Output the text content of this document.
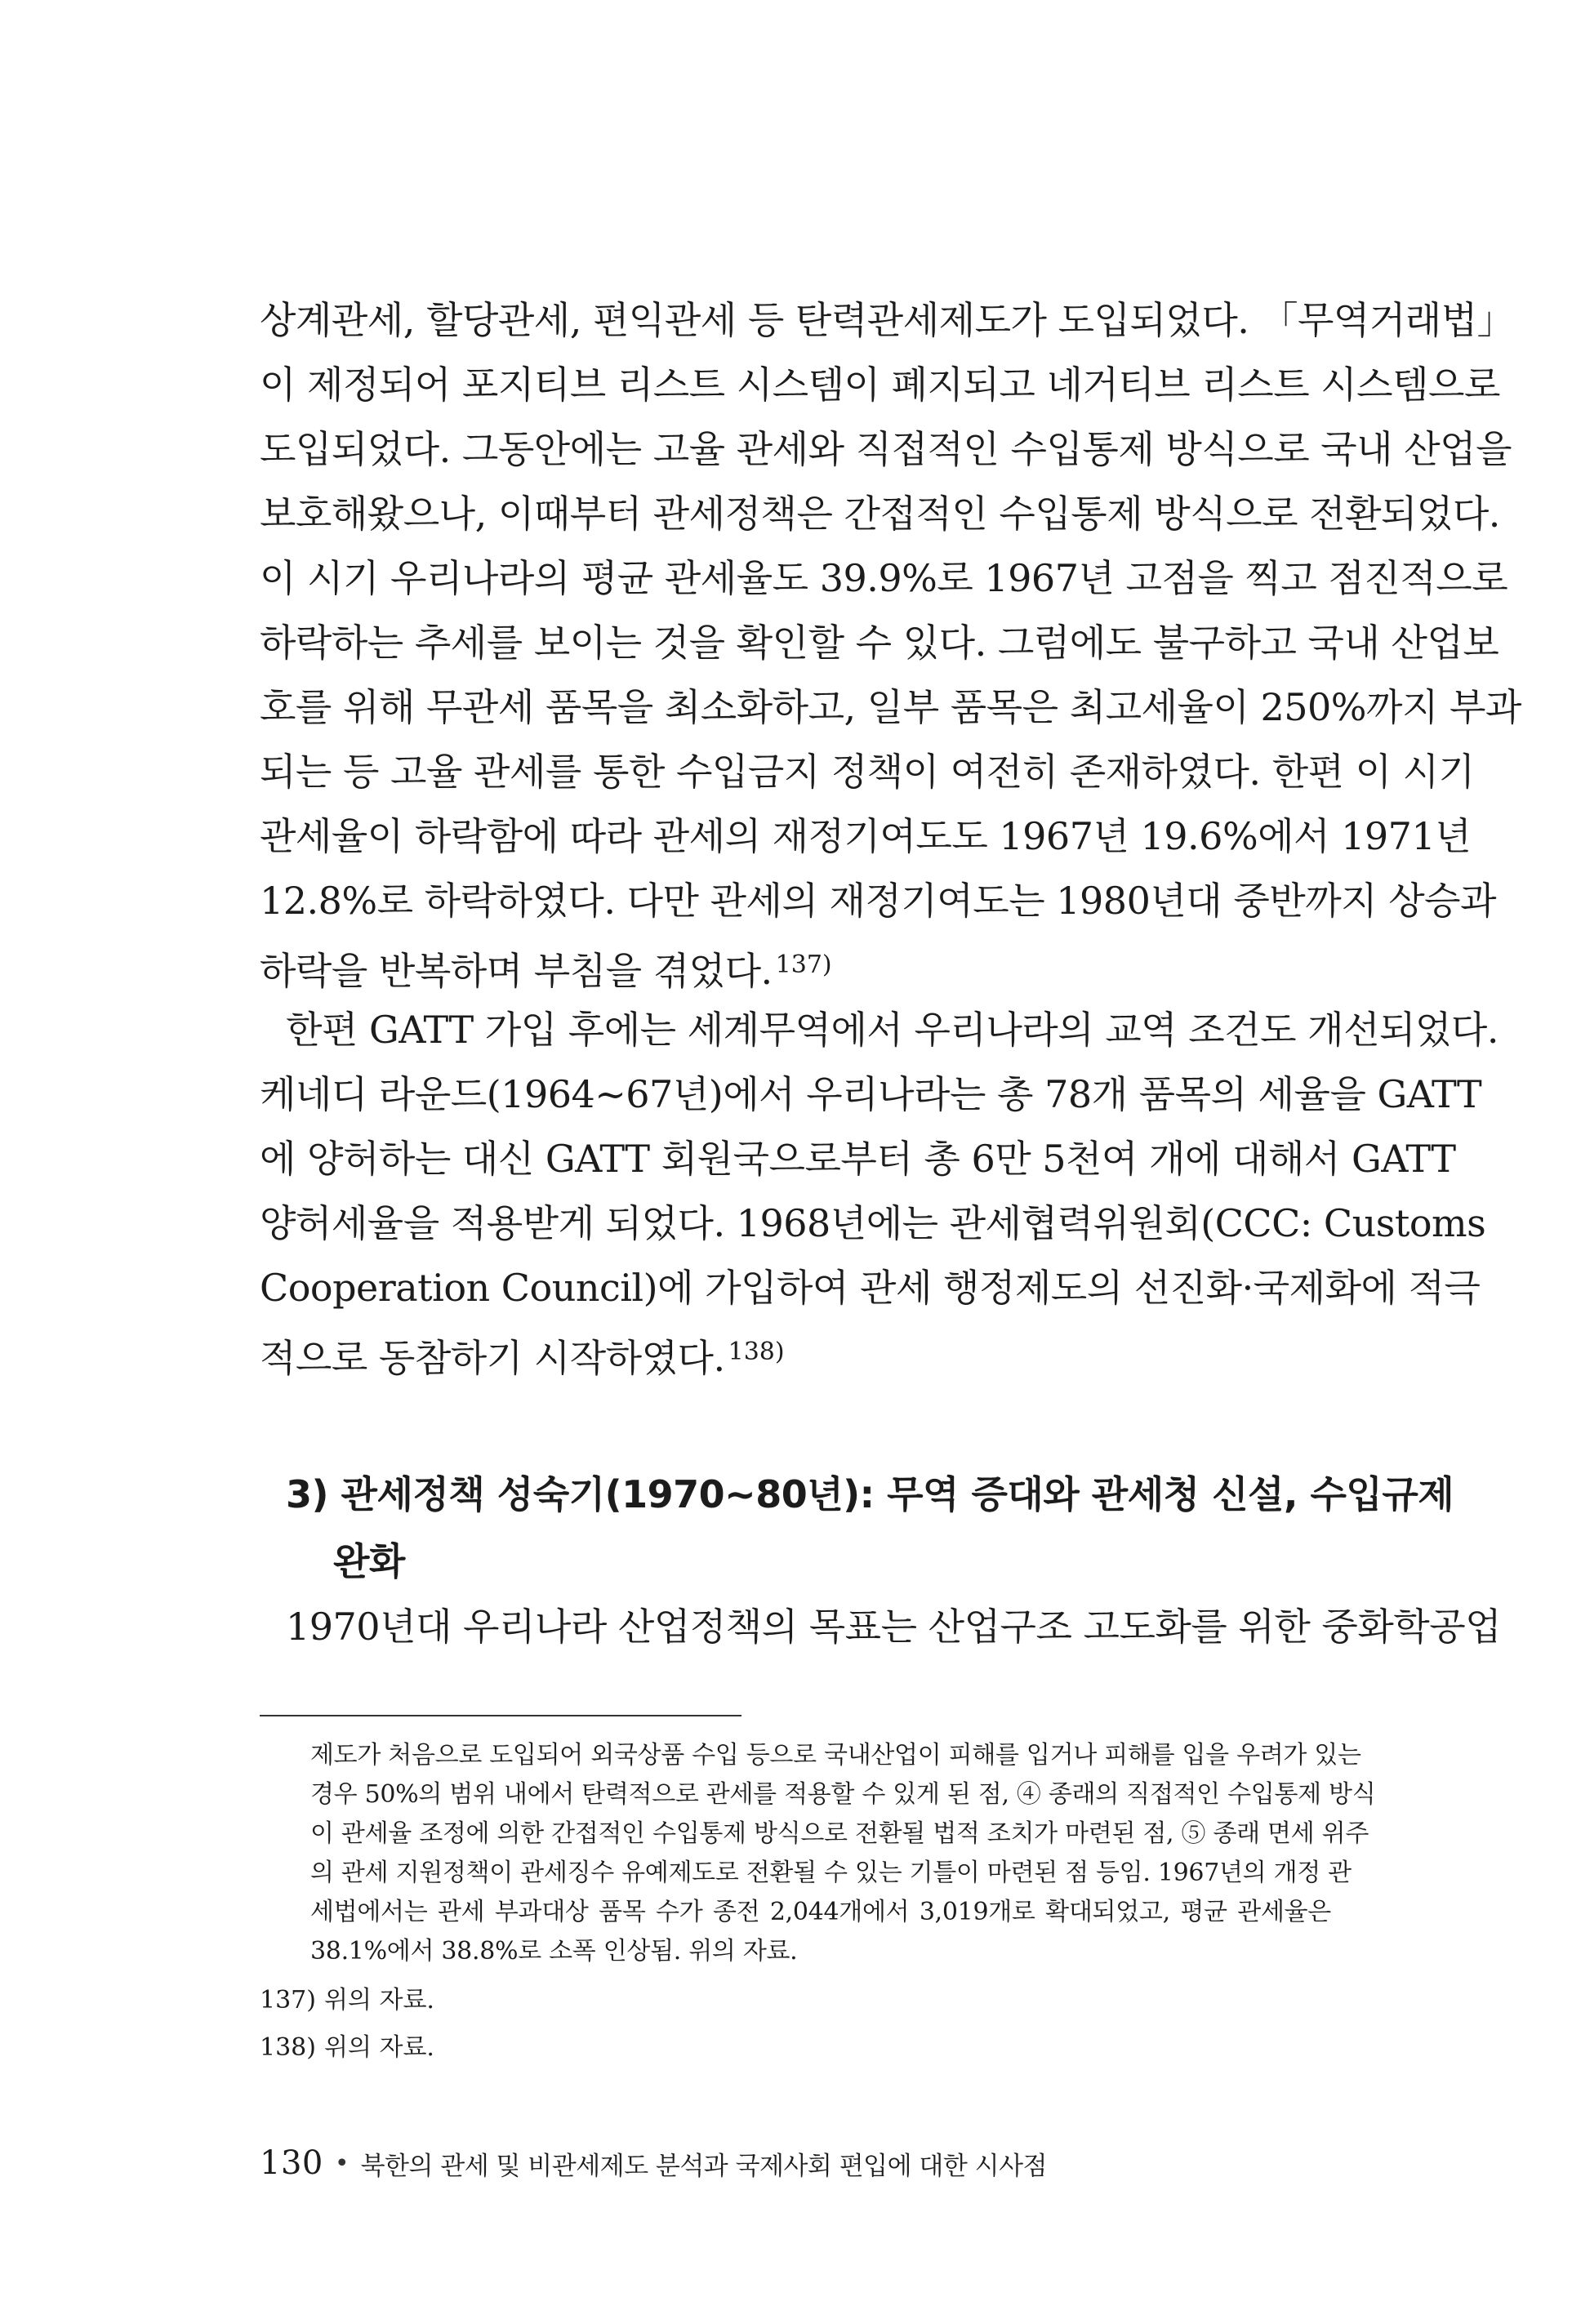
상계관세, 할당관세, 편익관세 등 탄력관세제도가 도입되었다. 「무역거래법」
이 제정되어 포지티브 리스트 시스템이 폐지되고 네거티브 리스트 시스템으로
도입되었다. 그동안에는 고율 관세와 직접적인 수입통제 방식으로 국내 산업을
보호해왔으나, 이때부터 관세정책은 간접적인 수입통제 방식으로 전환되었다.
이 시기 우리나라의 평균 관세율도 39.9%로 1967년 고점을 찍고 점진적으로
하락하는 추세를 보이는 것을 확인할 수 있다. 그럼에도 불구하고 국내 산업보
호를 위해 무관세 품목을 최소화하고, 일부 품목은 최고세율이 250%까지 부과
되는 등 고율 관세를 통한 수입금지 정책이 여전히 존재하였다. 한편 이 시기
관세율이 하락함에 따라 관세의 재정기여도도 1967년 19.6%에서 1971년
12.8%로 하락하였다. 다만 관세의 재정기여도는 1980년대 중반까지 상승과
하락을 반복하며 부침을 겪었다. $^{137)}$
한편 GATT 가입 후에는 세계무역에서 우리나라의 교역 조건도 개선되었다.
케네디 라운드(1964~67년)에서 우리나라는 총 78개 품목의 세율을 GATT
에 양허하는 대신 GATT 회원국으로부터 총 6만 5천여 개에 대해서 GATT
양허세율을 적용받게 되었다. 1968년에는 관세협력위원회(CCC: Customs
Cooperation Council)에 가입하여 관세 행정제도의 선진화·국제화에 적극
적으로 동참하기 시작하였다. $^{138)}$
3) 관세정책 성숙기(1970~80년): 무역 증대와 관세청 신설, 수입규제
완화
1970년대 우리나라 산업정책의 목표는 산업구조 고도화를 위한 중화학공업
제도가 처음으로 도입되어 외국상품 수입 등으로 국내산업이 피해를 입거나 피해를 입을 우려가 있는
경우 50%의 범위 내에서 탄력적으로 관세를 적용할 수 있게 된 점, ④ 종래의 직접적인 수입통제 방식
이 관세율 조정에 의한 간접적인 수입통제 방식으로 전환될 법적 조치가 마련된 점, ⑤ 종래 면세 위주
의 관세 지원정책이 관세징수 유예제도로 전환될 수 있는 기틀이 마련된 점 등임. 1967년의 개정 관
세법에서는 관세 부과대상 품목 수가 종전 2,044개에서 3,019개로 확대되었고, 평균 관세율은
38.1%에서 38.8%로 소폭 인상됨. 위의 자료.
137) 위의 자료.
138) 위의 자료.
130 • 북한의 관세 및 비관세제도 분석과 국제사회 편입에 대한 시사점
